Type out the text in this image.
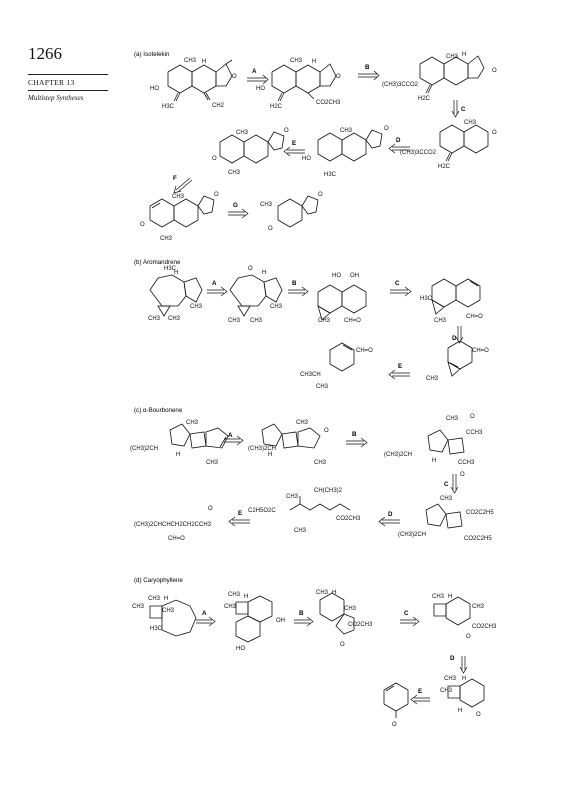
1266
CHAPTER 13
Multistep Syntheses
(a) Isotelekin
(b) Aromandrene
(c) α-Bourbonene
(d) Caryophyllene
A
B
C
D
E
F
G
A	B	C
D
E
A	B
C
D
E
A	B	C
D
E
CH3 H
O
HO
H3C	CH2
CH3 H
O
HO
H2C
CO2CH3
CH3 H
O
(CH3)3CCO2
H2C
CH3
O
(CH3)3CCO2
H2C
CH3
HO
H3C
O
CH3
O
CH3
O
CH3
O
CH3
O
CH3
O
O
H3C
H
CH3 CH3
CH3
O
H
CH3 CH3
CH3
HO OH
CH3 CH=O
H3C
CH3
CH=O
CH=O
CH3
CH=O
CH3CH
CH3
CH3
(CH3)2CH
H
CH3
CH3
O
(CH3)2CH
H
CH3
CH3 O
CCH3
(CH3)2CH
H	CCH3
O
CH3
CO2C2H5
(CH3)2CH
CO2C2H5
CH(CH3)2
CH3
C2H5O2C
CO2CH3
CH3
O
(CH3)2CHCHCH2CH2CCH3
CH=O
CH3 H
CH3
CH3
H3C
CH3 H
CH3
OH
HO
CH3 H
CH3
CO2CH3
O
CH3 H
CH3
CO2CH3
O
CH3 H
CH3
H
O
O
